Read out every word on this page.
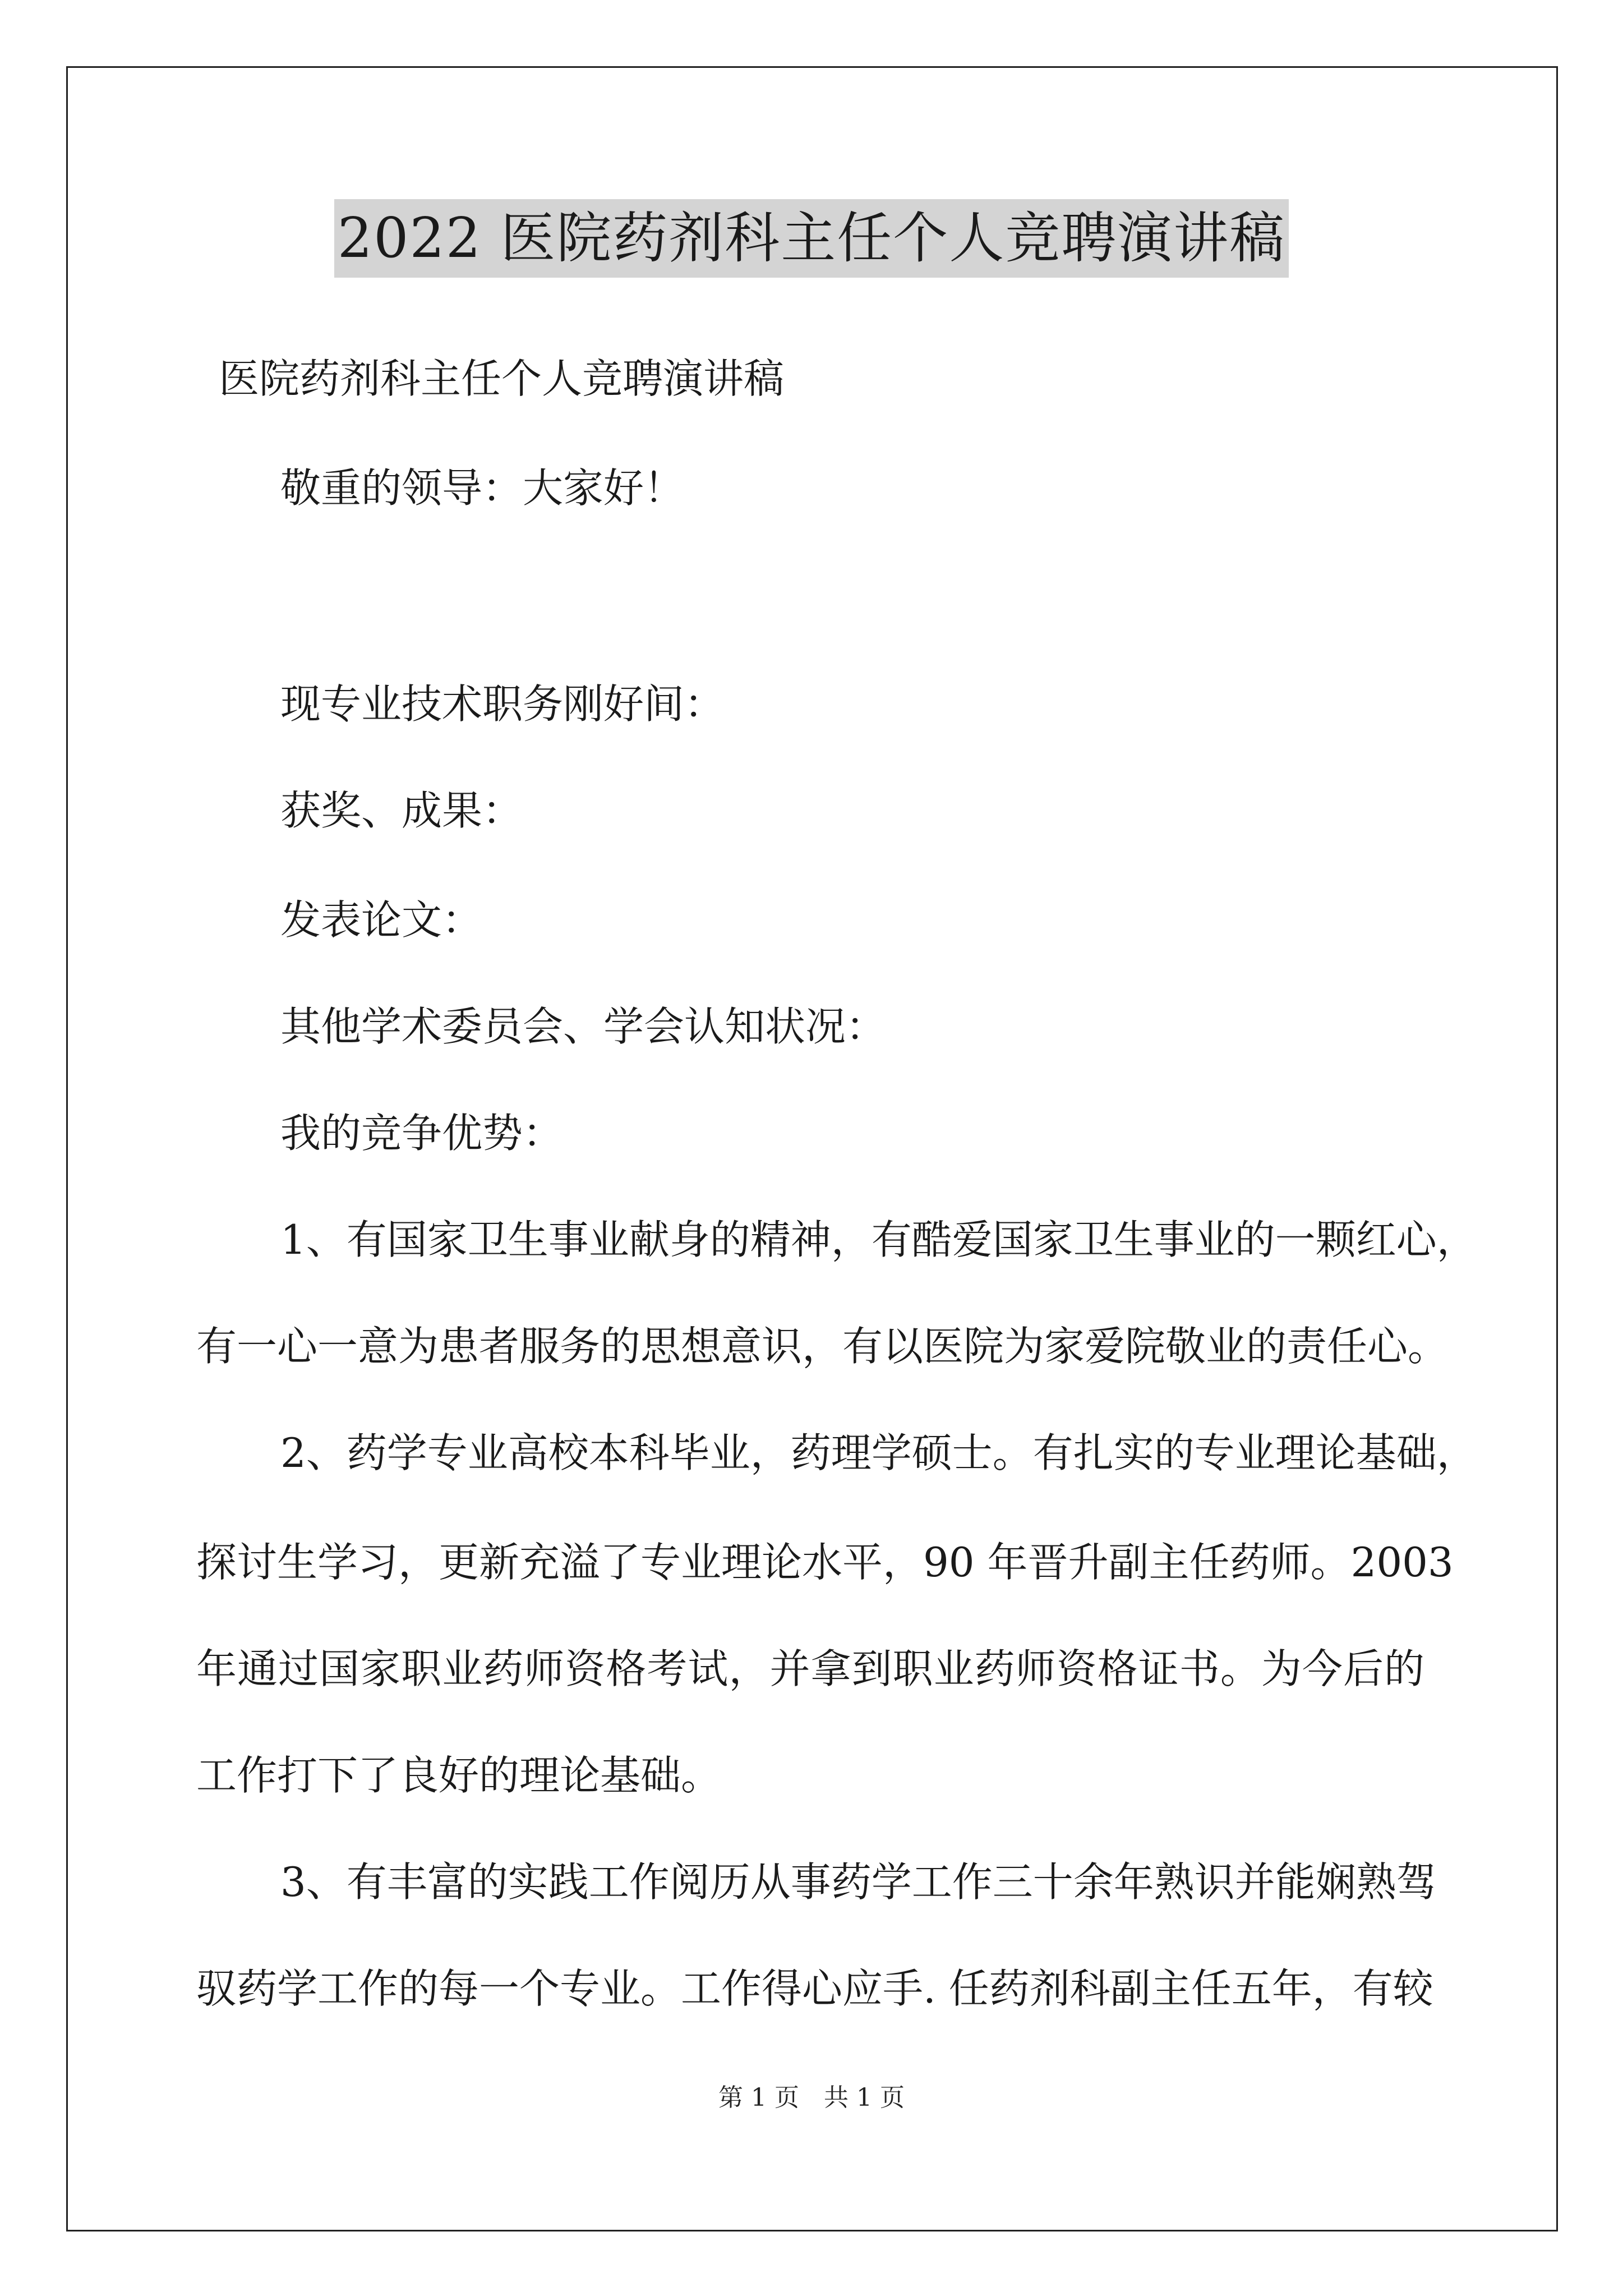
2022 医院药剂科主任个人竞聘演讲稿
医院药剂科主任个人竞聘演讲稿
敬重的领导：大家好！
现专业技术职务刚好间：
获奖、成果：
发表论文：
其他学术委员会、学会认知状况：
我的竞争优势：
1、有国家卫生事业献身的精神，有酷爱国家卫生事业的一颗红心，
有一心一意为患者服务的思想意识，有以医院为家爱院敬业的责任心。
2、药学专业高校本科毕业，药理学硕士。有扎实的专业理论基础，
探讨生学习，更新充溢了专业理论水平，90 年晋升副主任药师。2003
年通过国家职业药师资格考试，并拿到职业药师资格证书。为今后的
工作打下了良好的理论基础。
3、有丰富的实践工作阅历从事药学工作三十余年熟识并能娴熟驾
驭药学工作的每一个专业。工作得心应手. 任药剂科副主任五年，有较
第 1 页　共 1 页
